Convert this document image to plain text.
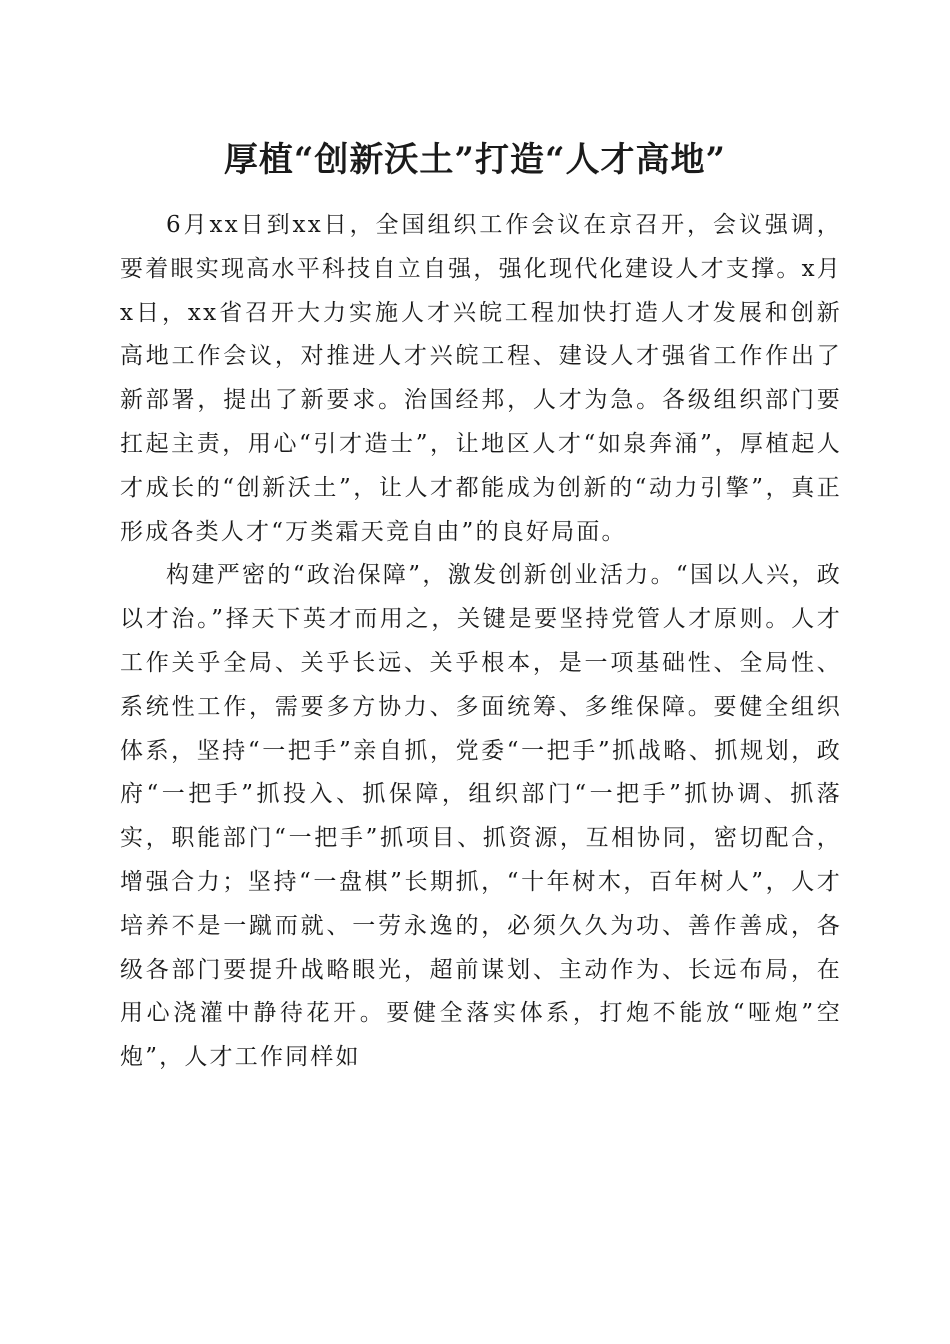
厚植“创新沃土”打造“人才高地”

6月xx日到xx日，全国组织工作会议在京召开，会议强调，要着眼实现高水平科技自立自强，强化现代化建设人才支撑。x月x日，xx省召开大力实施人才兴皖工程加快打造人才发展和创新高地工作会议，对推进人才兴皖工程、建设人才强省工作作出了新部署，提出了新要求。治国经邦，人才为急。各级组织部门要扛起主责，用心“引才造士”，让地区人才“如泉奔涌”，厚植起人才成长的“创新沃土”，让人才都能成为创新的“动力引擎”，真正形成各类人才“万类霜天竞自由”的良好局面。

构建严密的“政治保障”，激发创新创业活力。“国以人兴，政以才治。”择天下英才而用之，关键是要坚持党管人才原则。人才工作关乎全局、关乎长远、关乎根本，是一项基础性、全局性、系统性工作，需要多方协力、多面统筹、多维保障。要健全组织体系，坚持“一把手”亲自抓，党委“一把手”抓战略、抓规划，政府“一把手”抓投入、抓保障，组织部门“一把手”抓协调、抓落实，职能部门“一把手”抓项目、抓资源，互相协同，密切配合，增强合力；坚持“一盘棋”长期抓，“十年树木，百年树人”，人才培养不是一蹴而就、一劳永逸的，必须久久为功、善作善成，各级各部门要提升战略眼光，超前谋划、主动作为、长远布局，在用心浇灌中静待花开。要健全落实体系，打炮不能放“哑炮”空炮”，人才工作同样如
